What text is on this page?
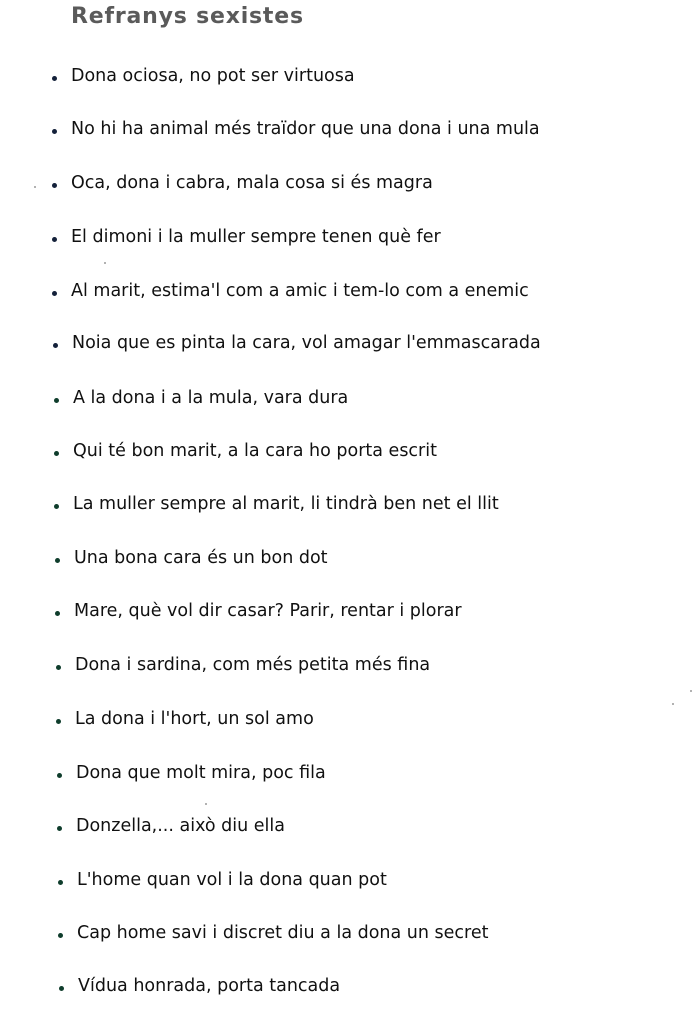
Refranys sexistes
Dona ociosa, no pot ser virtuosa
No hi ha animal més traïdor que una dona i una mula
Oca, dona i cabra, mala cosa si és magra
El dimoni i la muller sempre tenen què fer
Al marit, estima'l com a amic i tem-lo com a enemic
Noia que es pinta la cara, vol amagar l'emmascarada
A la dona i a la mula, vara dura
Qui té bon marit, a la cara ho porta escrit
La muller sempre al marit, li tindrà ben net el llit
Una bona cara és un bon dot
Mare, què vol dir casar? Parir, rentar i plorar
Dona i sardina, com més petita més fina
La dona i l'hort, un sol amo
Dona que molt mira, poc fila
Donzella,... això diu ella
L'home quan vol i la dona quan pot
Cap home savi i discret diu a la dona un secret
Vídua honrada, porta tancada
